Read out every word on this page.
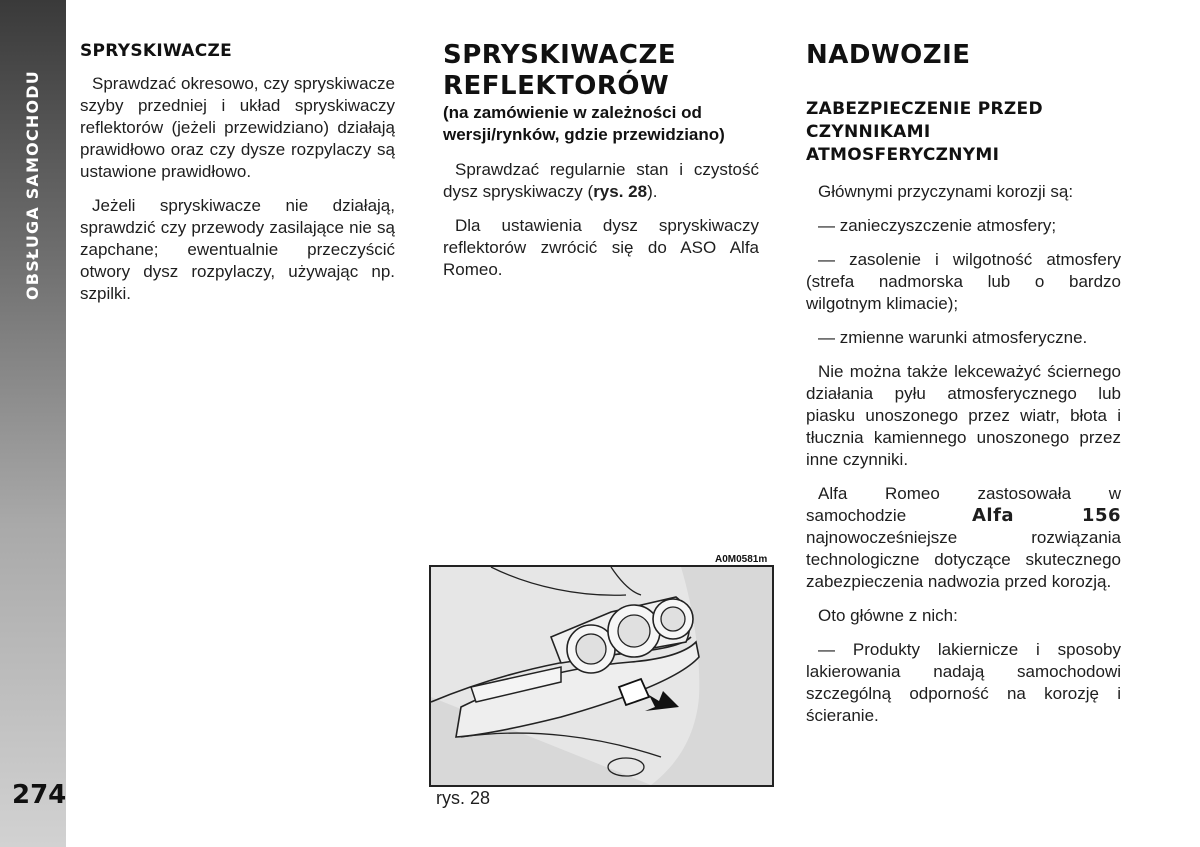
OBSŁUGA SAMOCHODU
274
SPRYSKIWACZE

Sprawdzać okresowo, czy spryskiwacze szyby przedniej i układ spryskiwaczy reflektorów (jeżeli przewidziano) działają prawidłowo oraz czy dysze rozpylaczy są ustawione prawidłowo.

Jeżeli spryskiwacze nie działają, sprawdzić czy przewody zasilające nie są zapchane; ewentualnie przeczyścić otwory dysz rozpylaczy, używając np. szpilki.

SPRYSKIWACZE
REFLEKTORÓW
(na zamówienie w zależności od wersji/rynków, gdzie przewidziano)

Sprawdzać regularnie stan i czystość dysz spryskiwaczy (rys. 28).

Dla ustawienia dysz spryskiwaczy reflektorów zwrócić się do ASO Alfa Romeo.

A0M0581m
rys. 28
NADWOZIE
ZABEZPIECZENIE PRZED
CZYNNIKAMI
ATMOSFERYCZNYMI

Głównymi przyczynami korozji są:

— zanieczyszczenie atmosfery;

— zasolenie i wilgotność atmosfery (strefa nadmorska lub o bardzo wilgotnym klimacie);

— zmienne warunki atmosferyczne.

Nie można także lekceważyć ściernego działania pyłu atmosferycznego lub piasku unoszonego przez wiatr, błota i tłucznia kamiennego unoszonego przez inne czynniki.

Alfa Romeo zastosowała w samochodzie Alfa 156 najnowocześniejsze rozwiązania technologiczne dotyczące skutecznego zabezpieczenia nadwozia przed korozją.

Oto główne z nich:

— Produkty lakiernicze i sposoby lakierowania nadają samochodowi szczególną odporność na korozję i ścieranie.
